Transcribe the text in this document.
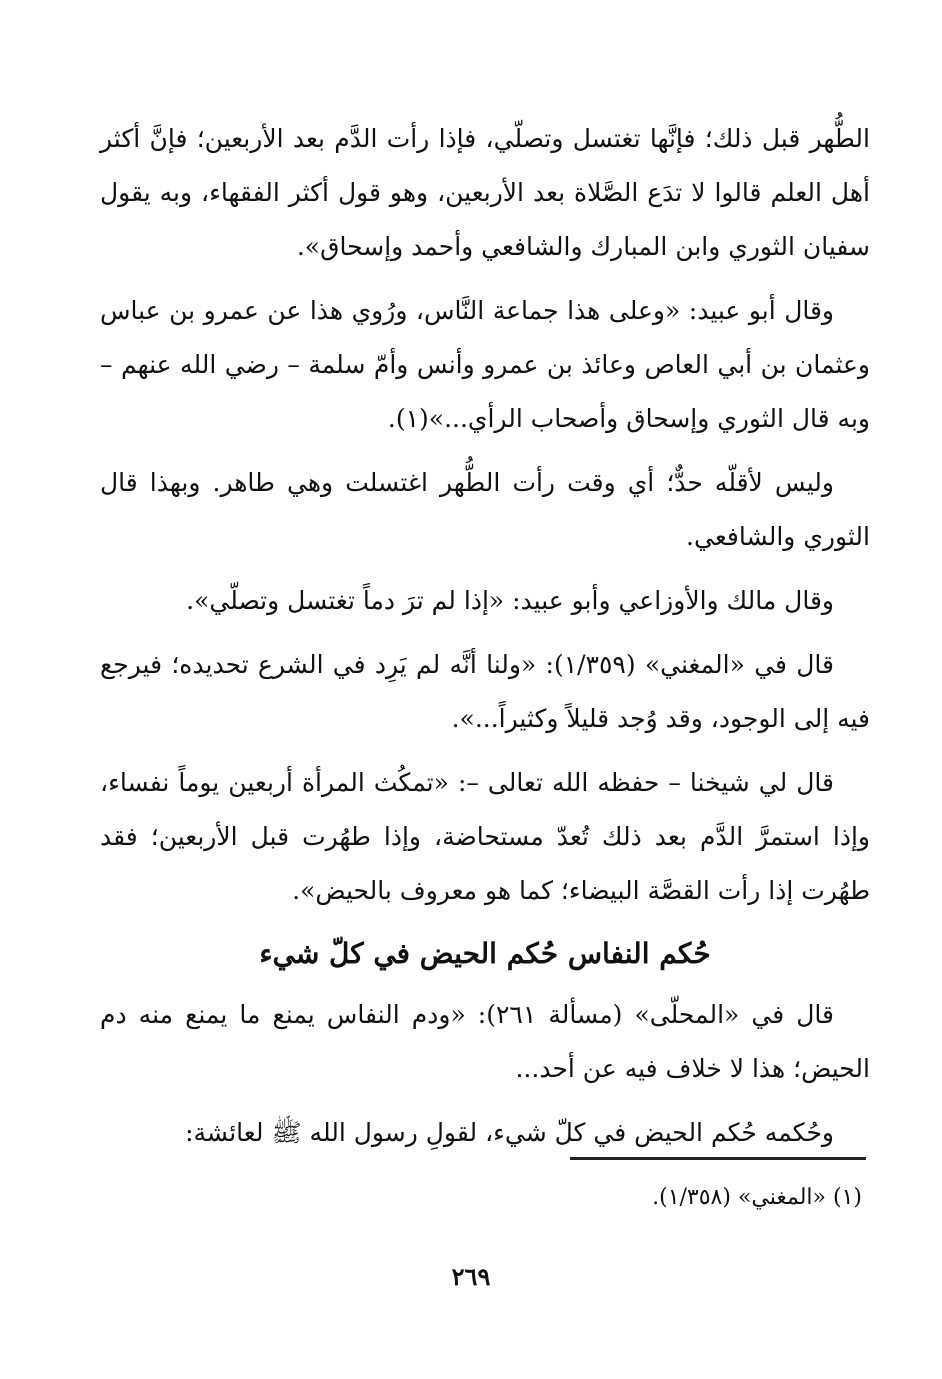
الطُّهر قبل ذلك؛ فإنَّها تغتسل وتصلّي، فإذا رأت الدَّم بعد الأربعين؛ فإنَّ أكثر أهل العلم قالوا لا تدَع الصَّلاة بعد الأربعين، وهو قول أكثر الفقهاء، وبه يقول سفيان الثوري وابن المبارك والشافعي وأحمد وإسحاق».

وقال أبو عبيد: «وعلى هذا جماعة النَّاس، ورُوي هذا عن عمرو بن عباس وعثمان بن أبي العاص وعائذ بن عمرو وأنس وأمّ سلمة – رضي الله عنهم – وبه قال الثوري وإسحاق وأصحاب الرأي...»(١).

وليس لأقلّه حدٌّ؛ أي وقت رأت الطُّهر اغتسلت وهي طاهر. وبهذا قال الثوري والشافعي.

وقال مالك والأوزاعي وأبو عبيد: «إذا لم ترَ دماً تغتسل وتصلّي».

قال في «المغني» (١/٣٥٩): «ولنا أنَّه لم يَرِد في الشرع تحديده؛ فيرجع فيه إلى الوجود، وقد وُجد قليلاً وكثيراً...».

قال لي شيخنا – حفظه الله تعالى –: «تمكُث المرأة أربعين يوماً نفساء، وإذا استمرَّ الدَّم بعد ذلك تُعدّ مستحاضة، وإذا طهُرت قبل الأربعين؛ فقد طهُرت إذا رأت القصَّة البيضاء؛ كما هو معروف بالحيض».

حُكم النفاس حُكم الحيض في كلّ شيء

قال في «المحلّى» (مسألة ٢٦١): «ودم النفاس يمنع ما يمنع منه دم الحيض؛ هذا لا خلاف فيه عن أحد...

وحُكمه حُكم الحيض في كلّ شيء، لقولِ رسول الله ﷺ لعائشة:

(١) «المغني» (١/٣٥٨).
٢٦٩
